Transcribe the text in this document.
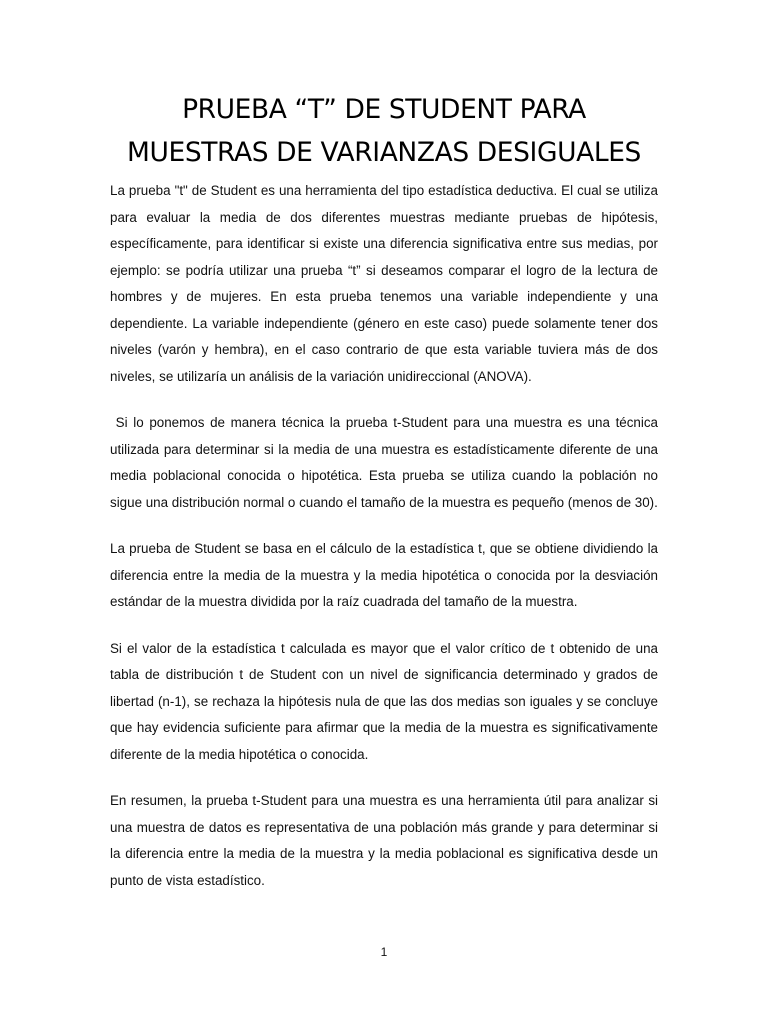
PRUEBA “T” DE STUDENT PARA
MUESTRAS DE VARIANZAS DESIGUALES

La prueba "t" de Student es una herramienta del tipo estadística deductiva. El cual se utiliza para evaluar la media de dos diferentes muestras mediante pruebas de hipótesis, específicamente, para identificar si existe una diferencia significativa entre sus medias, por ejemplo: se podría utilizar una prueba “t” si deseamos comparar el logro de la lectura de hombres y de mujeres. En esta prueba tenemos una variable independiente y una dependiente. La variable independiente (género en este caso) puede solamente tener dos niveles (varón y hembra), en el caso contrario de que esta variable tuviera más de dos niveles, se utilizaría un análisis de la variación unidireccional (ANOVA).

Si lo ponemos de manera técnica la prueba t-Student para una muestra es una técnica utilizada para determinar si la media de una muestra es estadísticamente diferente de una media poblacional conocida o hipotética. Esta prueba se utiliza cuando la población no sigue una distribución normal o cuando el tamaño de la muestra es pequeño (menos de 30).

La prueba de Student se basa en el cálculo de la estadística t, que se obtiene dividiendo la diferencia entre la media de la muestra y la media hipotética o conocida por la desviación estándar de la muestra dividida por la raíz cuadrada del tamaño de la muestra.

Si el valor de la estadística t calculada es mayor que el valor crítico de t obtenido de una tabla de distribución t de Student con un nivel de significancia determinado y grados de libertad (n-1), se rechaza la hipótesis nula de que las dos medias son iguales y se concluye que hay evidencia suficiente para afirmar que la media de la muestra es significativamente diferente de la media hipotética o conocida.

En resumen, la prueba t-Student para una muestra es una herramienta útil para analizar si una muestra de datos es representativa de una población más grande y para determinar si la diferencia entre la media de la muestra y la media poblacional es significativa desde un punto de vista estadístico.

1
